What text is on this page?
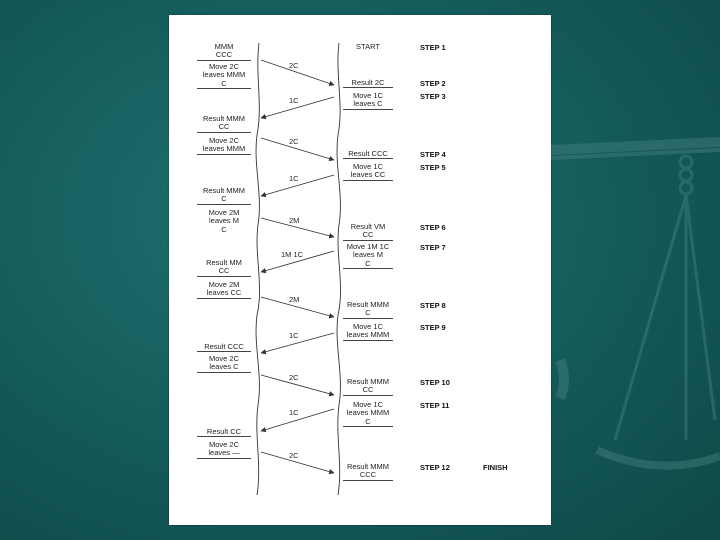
MMM
CCC
Move 2C
leaves MMM
C
Result MMM
CC
Move 2C
leaves MMM
Result MMM
C
Move 2M
leaves M
C
Result MM
CC
Move 2M
leaves CC
Result CCC
Move 2C
leaves C
Result CC
Move 2C
leaves —
START
Result 2C
Move 1C
leaves C
Result CCC
Move 1C
leaves CC
Result VM
CC
Move 1M 1C
leaves M
C
Result MMM
C
Move 1C
leaves MMM
Result MMM
CC
Move 1C
leaves MMM
C
Result MMM
CCC
STEP 1
STEP 2
STEP 3
STEP 4
STEP 5
STEP 6
STEP 7
STEP 8
STEP 9
STEP 10
STEP 11
STEP 12	FINISH
2C
1C
2C
1C
2M
1M 1C
2M
1C
2C
1C
2C
